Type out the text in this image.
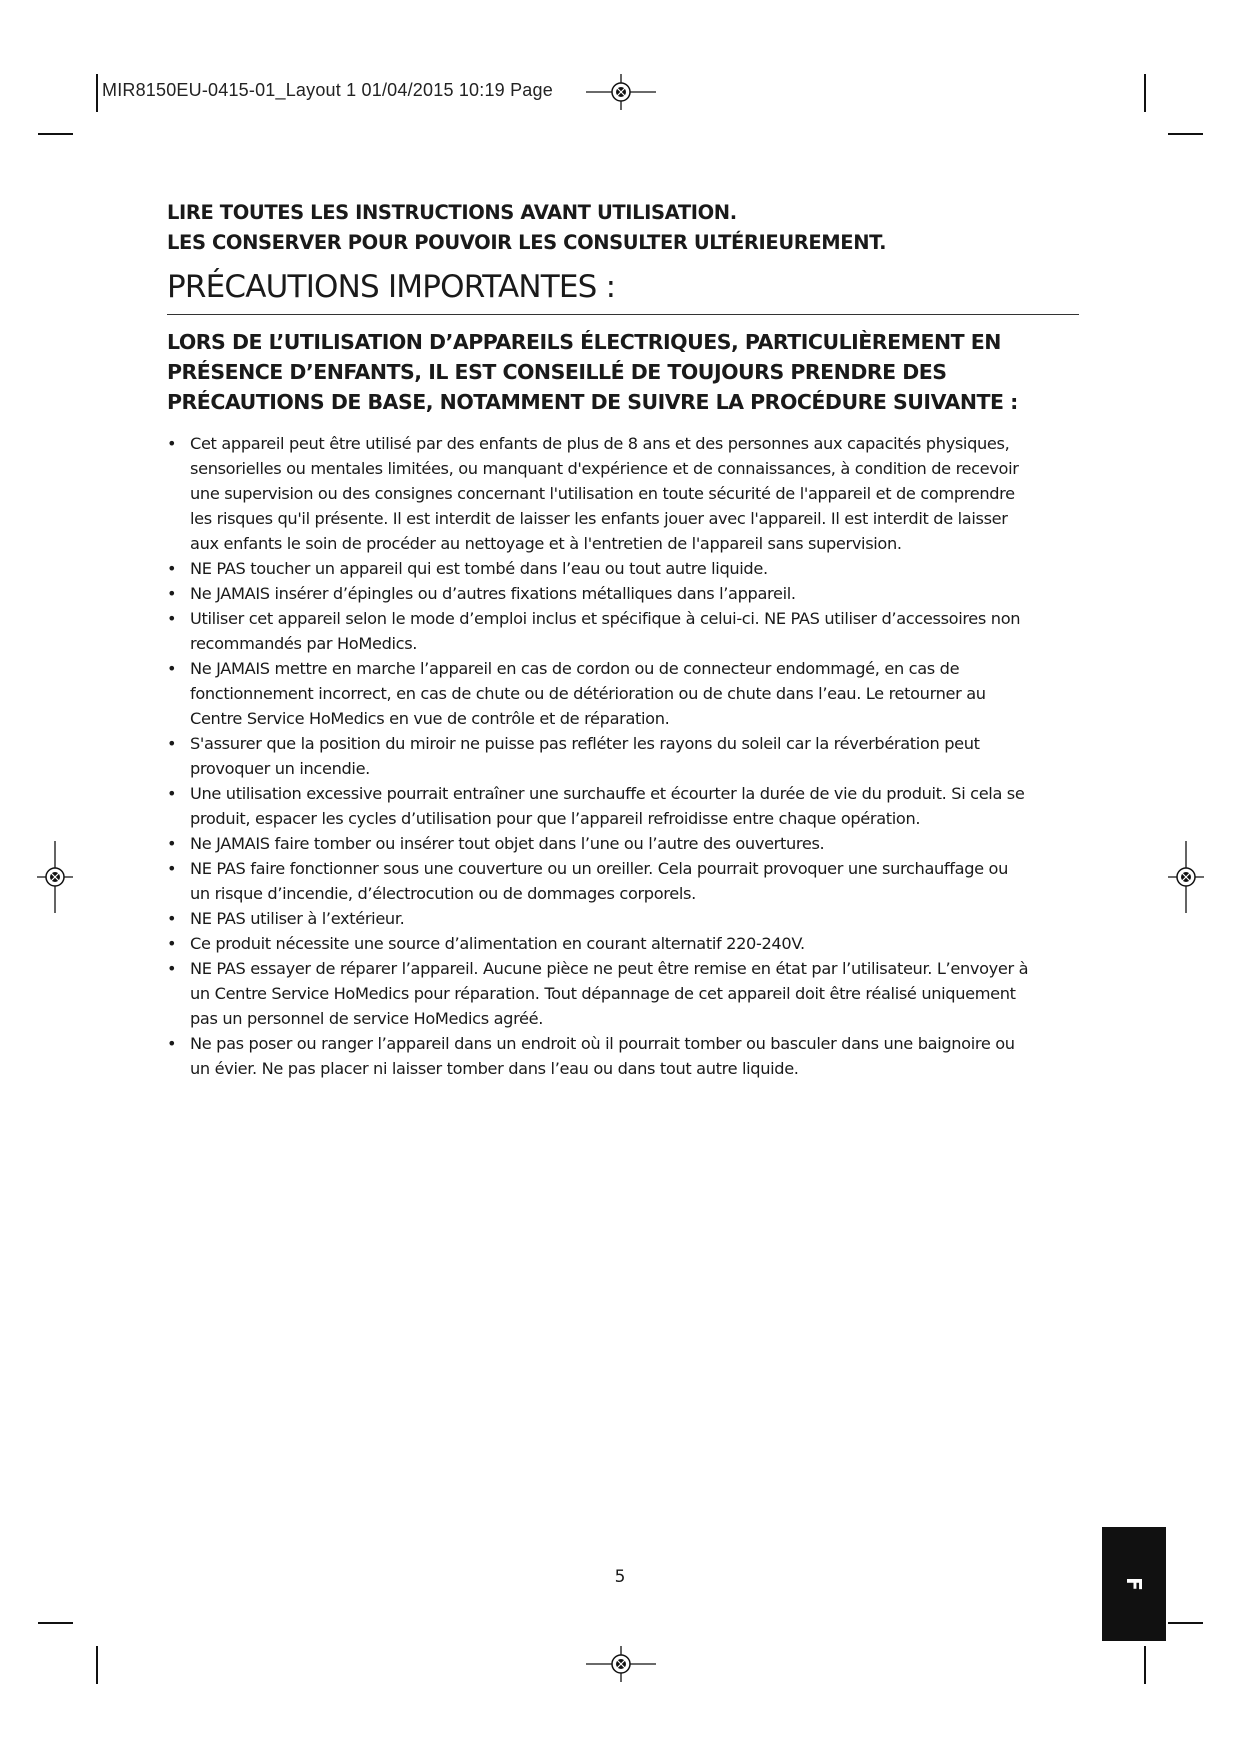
MIR8150EU-0415-01_Layout 1 01/04/2015 10:19 Page

LIRE TOUTES LES INSTRUCTIONS AVANT UTILISATION.
LES CONSERVER POUR POUVOIR LES CONSULTER ULTÉRIEUREMENT.

PRÉCAUTIONS IMPORTANTES :

LORS DE L’UTILISATION D’APPAREILS ÉLECTRIQUES, PARTICULIÈREMENT EN
PRÉSENCE D’ENFANTS, IL EST CONSEILLÉ DE TOUJOURS PRENDRE DES
PRÉCAUTIONS DE BASE, NOTAMMENT DE SUIVRE LA PROCÉDURE SUIVANTE :

• Cet appareil peut être utilisé par des enfants de plus de 8 ans et des personnes aux capacités physiques,
sensorielles ou mentales limitées, ou manquant d'expérience et de connaissances, à condition de recevoir
une supervision ou des consignes concernant l'utilisation en toute sécurité de l'appareil et de comprendre
les risques qu'il présente. Il est interdit de laisser les enfants jouer avec l'appareil. Il est interdit de laisser
aux enfants le soin de procéder au nettoyage et à l'entretien de l'appareil sans supervision.
• NE PAS toucher un appareil qui est tombé dans l’eau ou tout autre liquide.
• Ne JAMAIS insérer d’épingles ou d’autres fixations métalliques dans l’appareil.
• Utiliser cet appareil selon le mode d’emploi inclus et spécifique à celui-ci. NE PAS utiliser d’accessoires non
recommandés par HoMedics.
• Ne JAMAIS mettre en marche l’appareil en cas de cordon ou de connecteur endommagé, en cas de
fonctionnement incorrect, en cas de chute ou de détérioration ou de chute dans l’eau. Le retourner au
Centre Service HoMedics en vue de contrôle et de réparation.
• S'assurer que la position du miroir ne puisse pas refléter les rayons du soleil car la réverbération peut
provoquer un incendie.
• Une utilisation excessive pourrait entraîner une surchauffe et écourter la durée de vie du produit. Si cela se
produit, espacer les cycles d’utilisation pour que l’appareil refroidisse entre chaque opération.
• Ne JAMAIS faire tomber ou insérer tout objet dans l’une ou l’autre des ouvertures.
• NE PAS faire fonctionner sous une couverture ou un oreiller. Cela pourrait provoquer une surchauffage ou
un risque d’incendie, d’électrocution ou de dommages corporels.
• NE PAS utiliser à l’extérieur.
• Ce produit nécessite une source d’alimentation en courant alternatif 220-240V.
• NE PAS essayer de réparer l’appareil. Aucune pièce ne peut être remise en état par l’utilisateur. L’envoyer à
un Centre Service HoMedics pour réparation. Tout dépannage de cet appareil doit être réalisé uniquement
pas un personnel de service HoMedics agréé.
• Ne pas poser ou ranger l’appareil dans un endroit où il pourrait tomber ou basculer dans une baignoire ou
un évier. Ne pas placer ni laisser tomber dans l’eau ou dans tout autre liquide.
5	F
